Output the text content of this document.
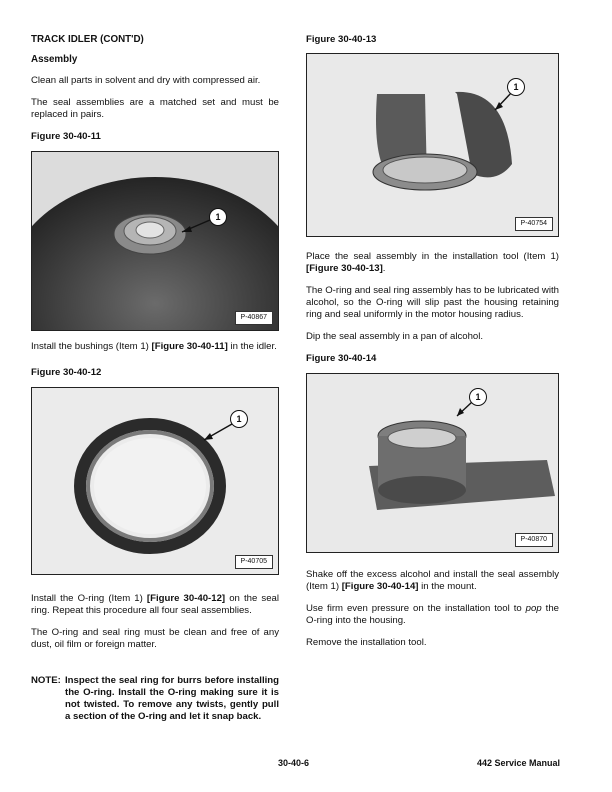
TRACK IDLER (CONT'D)

Assembly

Clean all parts in solvent and dry with compressed air.

The seal assemblies are a matched set and must be replaced in pairs.

Figure 30-40-11

1
P-40867

Install the bushings (Item 1) [Figure 30-40-11] in the idler.

Figure 30-40-12

1
P-40705

Install the O-ring (Item 1) [Figure 30-40-12] on the seal ring. Repeat this procedure all four seal assemblies.

The O-ring and seal ring must be clean and free of any dust, oil film or foreign matter.

NOTE: Inspect the seal ring for burrs before installing the O-ring. Install the O-ring making sure it is not twisted. To remove any twists, gently pull a section of the O-ring and let it snap back.

Figure 30-40-13

1
P-40754

Place the seal assembly in the installation tool (Item 1) [Figure 30-40-13].

The O-ring and seal ring assembly has to be lubricated with alcohol, so the O-ring will slip past the housing retaining ring and seal uniformly in the motor housing radius.

Dip the seal assembly in a pan of alcohol.

Figure 30-40-14

1
P-40870

Shake off the excess alcohol and install the seal assembly (Item 1) [Figure 30-40-14] in the mount.

Use firm even pressure on the installation tool to pop the O-ring into the housing.

Remove the installation tool.

30-40-6	442 Service Manual
